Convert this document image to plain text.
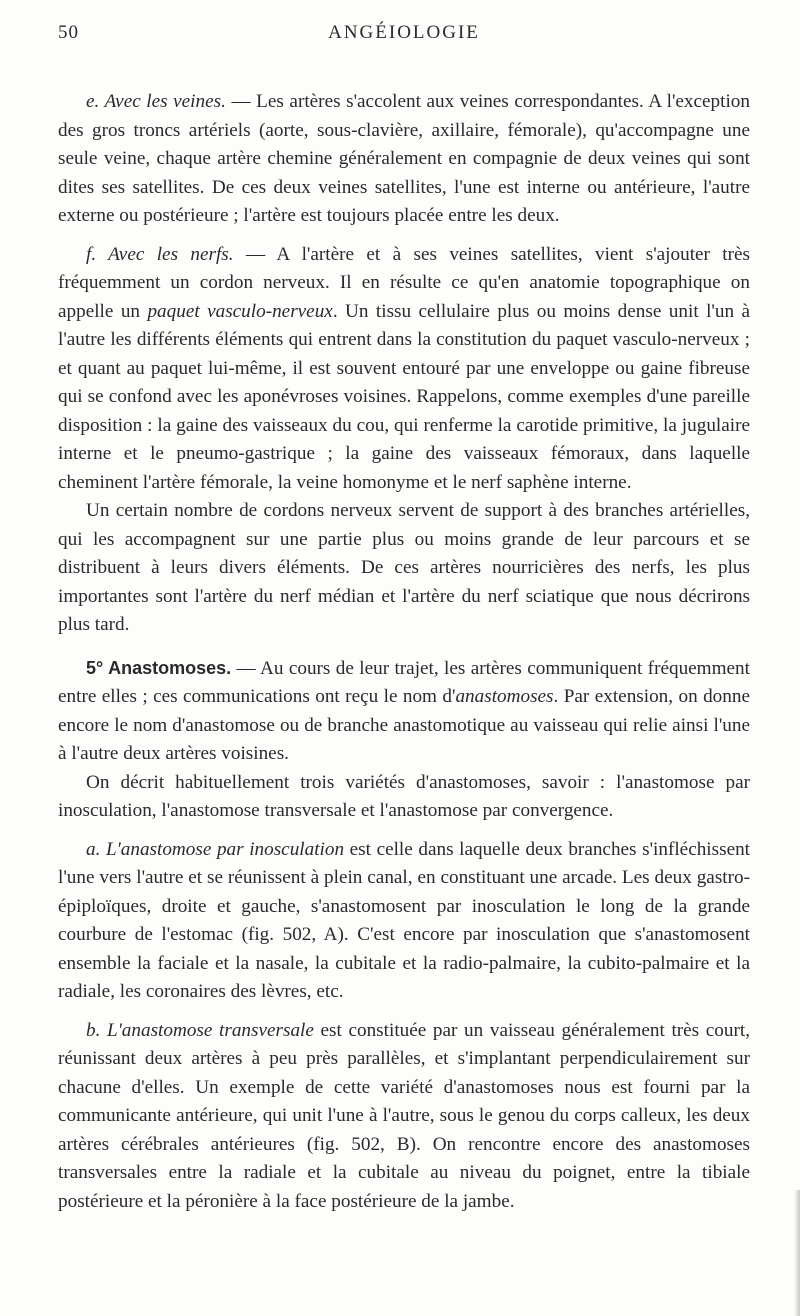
50	ANGÉIOLOGIE

e. Avec les veines. — Les artères s'accolent aux veines correspondantes. A l'exception des gros troncs artériels (aorte, sous-clavière, axillaire, fémorale), qu'accompagne une seule veine, chaque artère chemine généralement en compagnie de deux veines qui sont dites ses satellites. De ces deux veines satellites, l'une est interne ou antérieure, l'autre externe ou postérieure ; l'artère est toujours placée entre les deux.

f. Avec les nerfs. — A l'artère et à ses veines satellites, vient s'ajouter très fréquemment un cordon nerveux. Il en résulte ce qu'en anatomie topographique on appelle un paquet vasculo-nerveux. Un tissu cellulaire plus ou moins dense unit l'un à l'autre les différents éléments qui entrent dans la constitution du paquet vasculo-nerveux ; et quant au paquet lui-même, il est souvent entouré par une enveloppe ou gaine fibreuse qui se confond avec les aponévroses voisines. Rappelons, comme exemples d'une pareille disposition : la gaine des vaisseaux du cou, qui renferme la carotide primitive, la jugulaire interne et le pneumo-gastrique ; la gaine des vaisseaux fémoraux, dans laquelle cheminent l'artère fémorale, la veine homonyme et le nerf saphène interne.

Un certain nombre de cordons nerveux servent de support à des branches artérielles, qui les accompagnent sur une partie plus ou moins grande de leur parcours et se distribuent à leurs divers éléments. De ces artères nourricières des nerfs, les plus importantes sont l'artère du nerf médian et l'artère du nerf sciatique que nous décrirons plus tard.

5° Anastomoses. — Au cours de leur trajet, les artères communiquent fréquemment entre elles ; ces communications ont reçu le nom d'anastomoses. Par extension, on donne encore le nom d'anastomose ou de branche anastomotique au vaisseau qui relie ainsi l'une à l'autre deux artères voisines.

On décrit habituellement trois variétés d'anastomoses, savoir : l'anastomose par inosculation, l'anastomose transversale et l'anastomose par convergence.

a. L'anastomose par inosculation est celle dans laquelle deux branches s'infléchissent l'une vers l'autre et se réunissent à plein canal, en constituant une arcade. Les deux gastro-épiploïques, droite et gauche, s'anastomosent par inosculation le long de la grande courbure de l'estomac (fig. 502, A). C'est encore par inosculation que s'anastomosent ensemble la faciale et la nasale, la cubitale et la radio-palmaire, la cubito-palmaire et la radiale, les coronaires des lèvres, etc.

b. L'anastomose transversale est constituée par un vaisseau généralement très court, réunissant deux artères à peu près parallèles, et s'implantant perpendiculairement sur chacune d'elles. Un exemple de cette variété d'anastomoses nous est fourni par la communicante antérieure, qui unit l'une à l'autre, sous le genou du corps calleux, les deux artères cérébrales antérieures (fig. 502, B). On rencontre encore des anastomoses transversales entre la radiale et la cubitale au niveau du poignet, entre la tibiale postérieure et la péronière à la face postérieure de la jambe.
